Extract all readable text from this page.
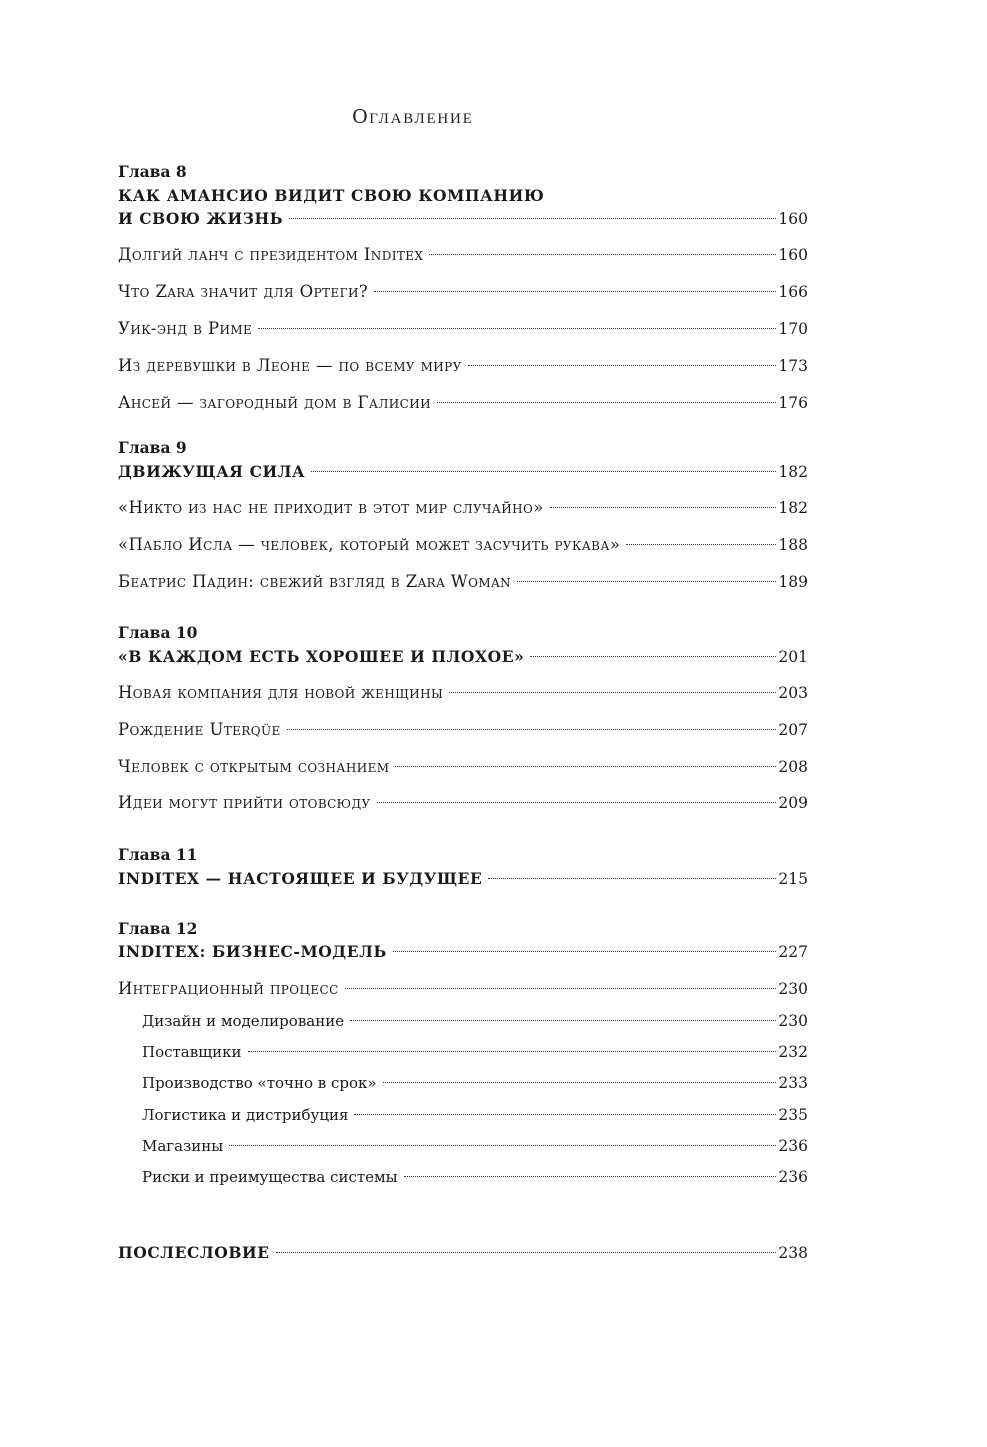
Оглавление
Глава 8
КАК АМАНСИО ВИДИТ СВОЮ КОМПАНИЮ
И СВОЮ ЖИЗНЬ	160
Долгий ланч с президентом Inditex	160
Что Zara значит для Ортеги?	166
Уик-энд в Риме	170
Из деревушки в Леоне — по всему миру	173
Ансей — загородный дом в Галисии	176
Глава 9
ДВИЖУЩАЯ СИЛА	182
«Никто из нас не приходит в этот мир случайно»	182
«Пабло Исла — человек, который может засучить рукава»	188
Беатрис Падин: свежий взгляд в Zara Woman	189
Глава 10
«В КАЖДОМ ЕСТЬ ХОРОШЕЕ И ПЛОХОЕ»	201
Новая компания для новой женщины	203
Рождение Uterqüe	207
Человек с открытым сознанием	208
Идеи могут прийти отовсюду	209
Глава 11
INDITEX — НАСТОЯЩЕЕ И БУДУЩЕЕ	215
Глава 12
INDITEX: БИЗНЕС-МОДЕЛЬ	227
Интеграционный процесс	230
Дизайн и моделирование	230
Поставщики	232
Производство «точно в срок»	233
Логистика и дистрибуция	235
Магазины	236
Риски и преимущества системы	236
ПОСЛЕСЛОВИЕ	238
